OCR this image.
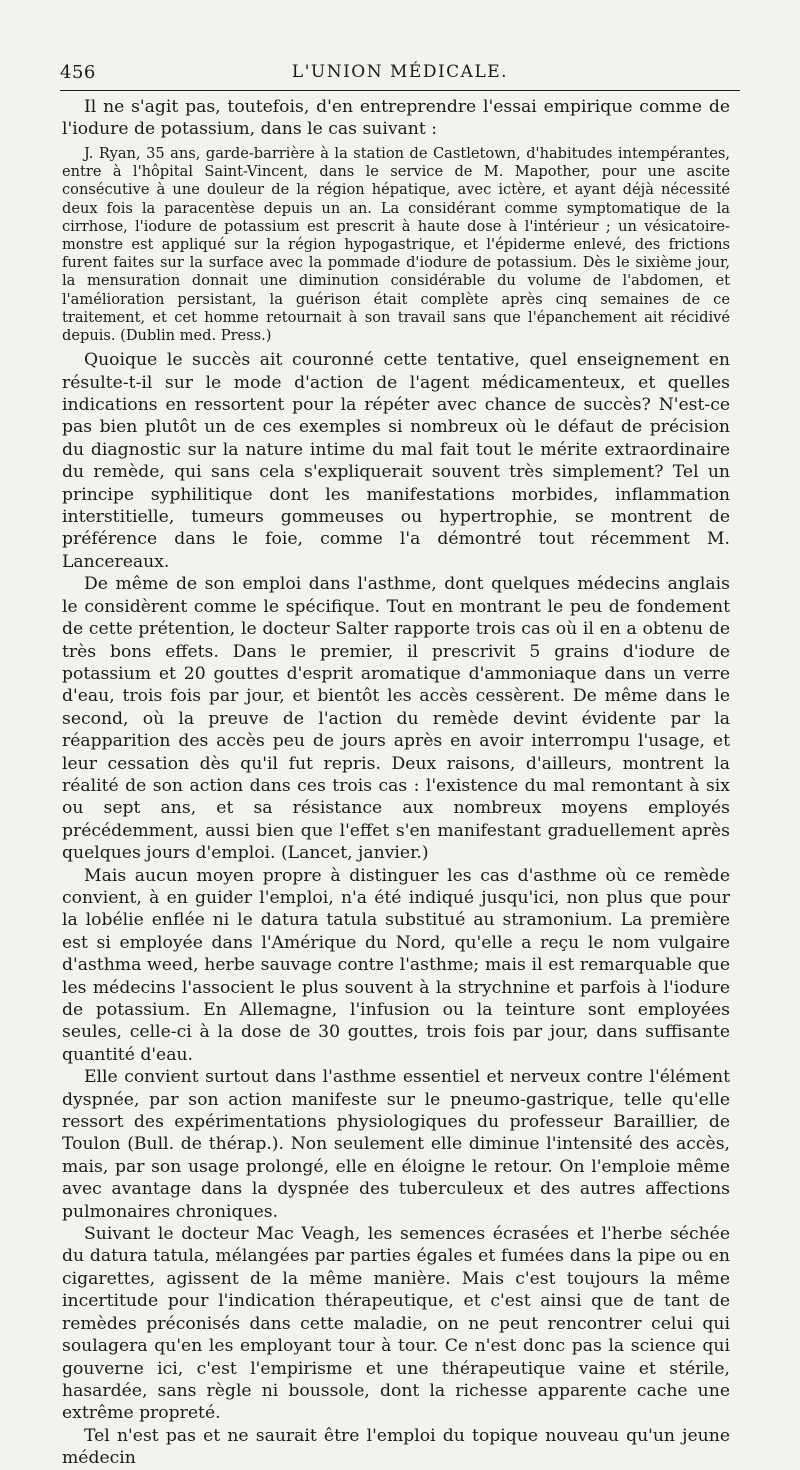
456	L'UNION MÉDICALE.

Il ne s'agit pas, toutefois, d'en entreprendre l'essai empirique comme de l'iodure de potassium, dans le cas suivant :

J. Ryan, 35 ans, garde-barrière à la station de Castletown, d'habitudes intempérantes, entre à l'hôpital Saint-Vincent, dans le service de M. Mapother, pour une ascite consécutive à une douleur de la région hépatique, avec ictère, et ayant déjà nécessité deux fois la paracentèse depuis un an. La considérant comme symptomatique de la cirrhose, l'iodure de potassium est prescrit à haute dose à l'intérieur ; un vésicatoire-monstre est appliqué sur la région hypogastrique, et l'épiderme enlevé, des frictions furent faites sur la surface avec la pommade d'iodure de potassium. Dès le sixième jour, la mensuration donnait une diminution considérable du volume de l'abdomen, et l'amélioration persistant, la guérison était complète après cinq semaines de ce traitement, et cet homme retournait à son travail sans que l'épanchement ait récidivé depuis. (Dublin med. Press.)

Quoique le succès ait couronné cette tentative, quel enseignement en résulte-t-il sur le mode d'action de l'agent médicamenteux, et quelles indications en ressortent pour la répéter avec chance de succès? N'est-ce pas bien plutôt un de ces exemples si nombreux où le défaut de précision du diagnostic sur la nature intime du mal fait tout le mérite extraordinaire du remède, qui sans cela s'expliquerait souvent très simplement? Tel un principe syphilitique dont les manifestations morbides, inflammation interstitielle, tumeurs gommeuses ou hypertrophie, se montrent de préférence dans le foie, comme l'a démontré tout récemment M. Lancereaux.

De même de son emploi dans l'asthme, dont quelques médecins anglais le considèrent comme le spécifique. Tout en montrant le peu de fondement de cette prétention, le docteur Salter rapporte trois cas où il en a obtenu de très bons effets. Dans le premier, il prescrivit 5 grains d'iodure de potassium et 20 gouttes d'esprit aromatique d'ammoniaque dans un verre d'eau, trois fois par jour, et bientôt les accès cessèrent. De même dans le second, où la preuve de l'action du remède devint évidente par la réapparition des accès peu de jours après en avoir interrompu l'usage, et leur cessation dès qu'il fut repris. Deux raisons, d'ailleurs, montrent la réalité de son action dans ces trois cas : l'existence du mal remontant à six ou sept ans, et sa résistance aux nombreux moyens employés précédemment, aussi bien que l'effet s'en manifestant graduellement après quelques jours d'emploi. (Lancet, janvier.)

Mais aucun moyen propre à distinguer les cas d'asthme où ce remède convient, à en guider l'emploi, n'a été indiqué jusqu'ici, non plus que pour la lobélie enflée ni le datura tatula substitué au stramonium. La première est si employée dans l'Amérique du Nord, qu'elle a reçu le nom vulgaire d'asthma weed, herbe sauvage contre l'asthme; mais il est remarquable que les médecins l'associent le plus souvent à la strychnine et parfois à l'iodure de potassium. En Allemagne, l'infusion ou la teinture sont employées seules, celle-ci à la dose de 30 gouttes, trois fois par jour, dans suffisante quantité d'eau.

Elle convient surtout dans l'asthme essentiel et nerveux contre l'élément dyspnée, par son action manifeste sur le pneumo-gastrique, telle qu'elle ressort des expérimentations physiologiques du professeur Baraillier, de Toulon (Bull. de thérap.). Non seulement elle diminue l'intensité des accès, mais, par son usage prolongé, elle en éloigne le retour. On l'emploie même avec avantage dans la dyspnée des tuberculeux et des autres affections pulmonaires chroniques.

Suivant le docteur Mac Veagh, les semences écrasées et l'herbe séchée du datura tatula, mélangées par parties égales et fumées dans la pipe ou en cigarettes, agissent de la même manière. Mais c'est toujours la même incertitude pour l'indication thérapeutique, et c'est ainsi que de tant de remèdes préconisés dans cette maladie, on ne peut rencontrer celui qui soulagera qu'en les employant tour à tour. Ce n'est donc pas la science qui gouverne ici, c'est l'empirisme et une thérapeutique vaine et stérile, hasardée, sans règle ni boussole, dont la richesse apparente cache une extrême propreté.

Tel n'est pas et ne saurait être l'emploi du topique nouveau qu'un jeune médecin
